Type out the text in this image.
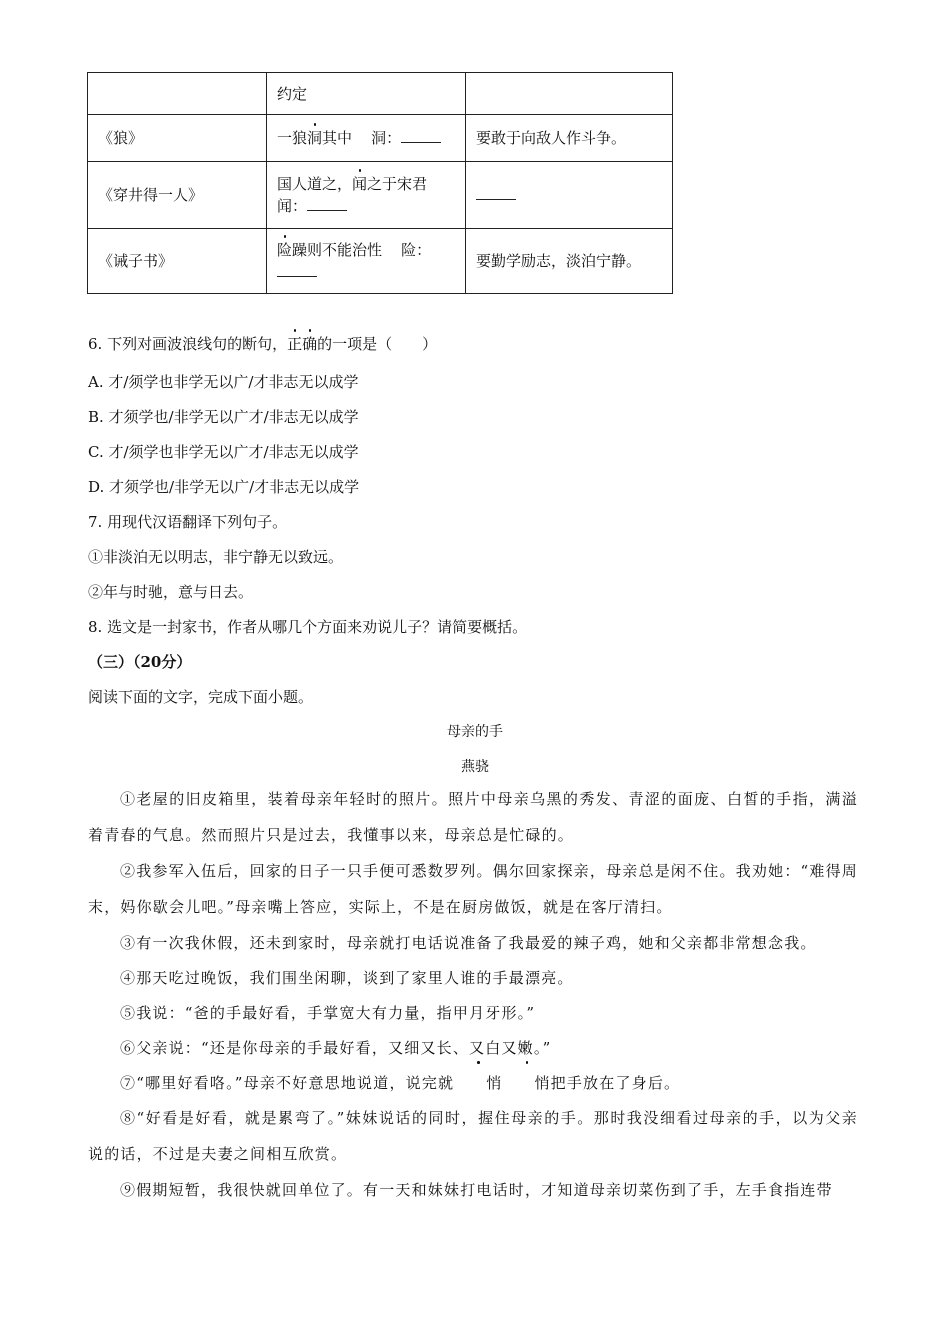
	约定	
《狼》	一狼洞其中 洞：	要敢于向敌人作斗争。
《穿井得一人》	国人道之，闻之于宋君
闻：	
《诫子书》	险躁则不能治性 险：	要勤学励志，淡泊宁静。
6. 下列对画波浪线句的断句，正确的一项是（　　）
A. 才/须学也非学无以广/才非志无以成学
B. 才须学也/非学无以广才/非志无以成学
C. 才/须学也非学无以广才/非志无以成学
D. 才须学也/非学无以广/才非志无以成学
7. 用现代汉语翻译下列句子。
①非淡泊无以明志，非宁静无以致远。
②年与时驰，意与日去。
8. 选文是一封家书，作者从哪几个方面来劝说儿子？请简要概括。
（三）（20分）
阅读下面的文字，完成下面小题。
母亲的手
燕骁
①老屋的旧皮箱里，装着母亲年轻时的照片。照片中母亲乌黑的秀发、青涩的面庞、白皙的手指，满溢着青春的气息。然而照片只是过去，我懂事以来，母亲总是忙碌的。
②我参军入伍后，回家的日子一只手便可悉数罗列。偶尔回家探亲，母亲总是闲不住。我劝她：“难得周末，妈你歇会儿吧。”母亲嘴上答应，实际上，不是在厨房做饭，就是在客厅清扫。
③有一次我休假，还未到家时，母亲就打电话说准备了我最爱的辣子鸡，她和父亲都非常想念我。
④那天吃过晚饭，我们围坐闲聊，谈到了家里人谁的手最漂亮。
⑤我说：“爸的手最好看，手掌宽大有力量，指甲月牙形。”
⑥父亲说：“还是你母亲的手最好看，又细又长、又白又嫩。”
⑦“哪里好看咯。”母亲不好意思地说道，说完就 悄 悄把手放在了身后。
⑧“好看是好看，就是累弯了。”妹妹说话的同时，握住母亲的手。那时我没细看过母亲的手，以为父亲说的话，不过是夫妻之间相互欣赏。
⑨假期短暂，我很快就回单位了。有一天和妹妹打电话时，才知道母亲切菜伤到了手，左手食指连带
